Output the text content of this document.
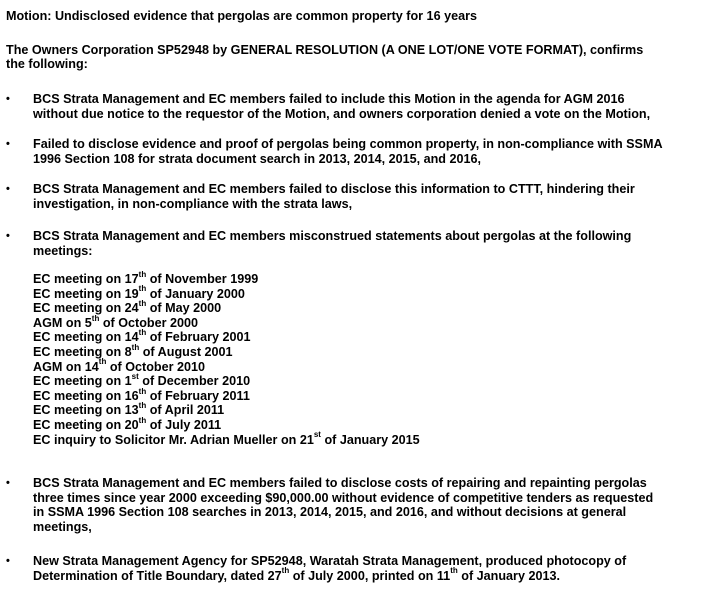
Motion: Undisclosed evidence that pergolas are common property for 16 years

The Owners Corporation SP52948 by GENERAL RESOLUTION (A ONE LOT/ONE VOTE FORMAT), confirms

the following:

• BCS Strata Management and EC members failed to include this Motion in the agenda for AGM 2016
without due notice to the requestor of the Motion, and owners corporation denied a vote on the Motion,
• Failed to disclose evidence and proof of pergolas being common property, in non-compliance with SSMA
1996 Section 108 for strata document search in 2013, 2014, 2015, and 2016,
• BCS Strata Management and EC members failed to disclose this information to CTTT, hindering their
investigation, in non-compliance with the strata laws,
• BCS Strata Management and EC members misconstrued statements about pergolas at the following
meetings:
EC meeting on 17th of November 1999
EC meeting on 19th of January 2000
EC meeting on 24th of May 2000
AGM on 5th of October 2000
EC meeting on 14th of February 2001
EC meeting on 8th of August 2001
AGM on 14th of October 2010
EC meeting on 1st of December 2010
EC meeting on 16th of February 2011
EC meeting on 13th of April 2011
EC meeting on 20th of July 2011
EC inquiry to Solicitor Mr. Adrian Mueller on 21st of January 2015
• BCS Strata Management and EC members failed to disclose costs of repairing and repainting pergolas
three times since year 2000 exceeding $90,000.00 without evidence of competitive tenders as requested
in SSMA 1996 Section 108 searches in 2013, 2014, 2015, and 2016, and without decisions at general
meetings,
• New Strata Management Agency for SP52948, Waratah Strata Management, produced photocopy of
Determination of Title Boundary, dated 27th of July 2000, printed on 11th of January 2013.
